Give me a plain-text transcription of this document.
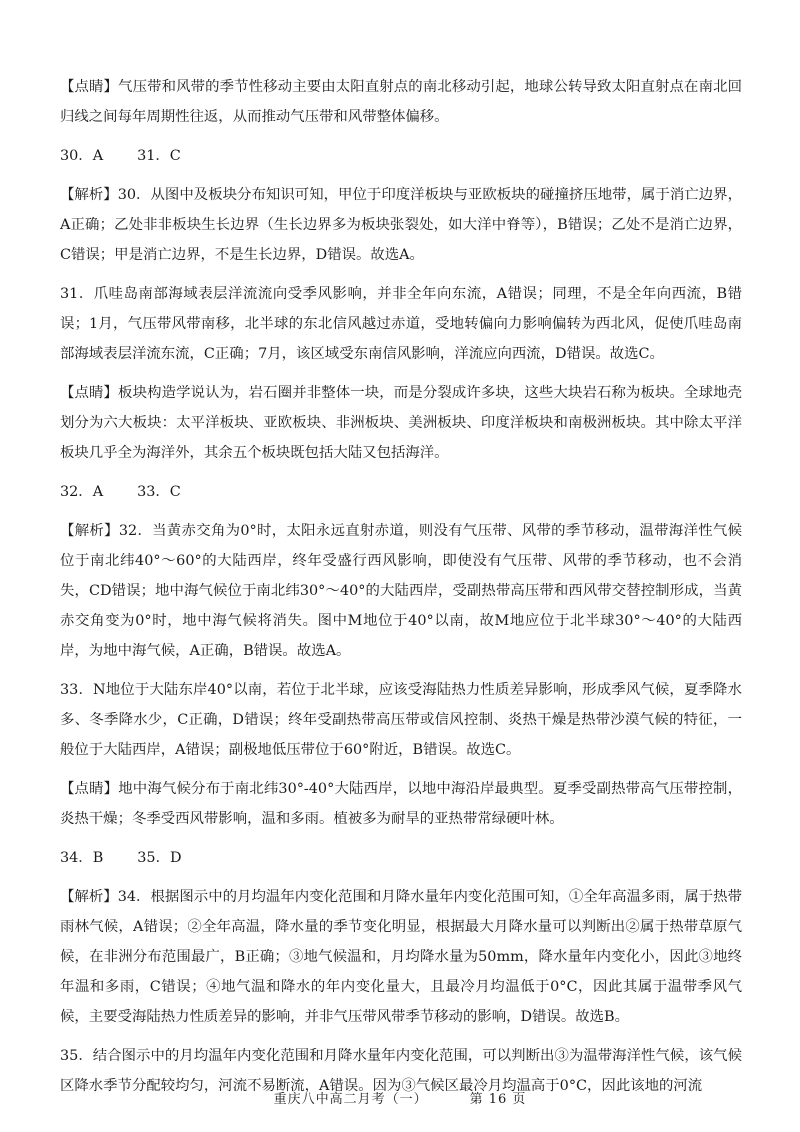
【点睛】气压带和风带的季节性移动主要由太阳直射点的南北移动引起，地球公转导致太阳直射点在南北回归线之间每年周期性往返，从而推动气压带和风带整体偏移。

30．A 31．C

【解析】30．从图中及板块分布知识可知，甲位于印度洋板块与亚欧板块的碰撞挤压地带，属于消亡边界，A正确；乙处非非板块生长边界（生长边界多为板块张裂处，如大洋中脊等），B错误；乙处不是消亡边界，C错误；甲是消亡边界，不是生长边界，D错误。故选A。

31．爪哇岛南部海域表层洋流流向受季风影响，并非全年向东流，A错误；同理，不是全年向西流，B错误；1月，气压带风带南移，北半球的东北信风越过赤道，受地转偏向力影响偏转为西北风，促使爪哇岛南部海域表层洋流东流，C正确；7月，该区域受东南信风影响，洋流应向西流，D错误。故选C。

【点睛】板块构造学说认为，岩石圈并非整体一块，而是分裂成许多块，这些大块岩石称为板块。全球地壳划分为六大板块：太平洋板块、亚欧板块、非洲板块、美洲板块、印度洋板块和南极洲板块。其中除太平洋板块几乎全为海洋外，其余五个板块既包括大陆又包括海洋。

32．A 33．C

【解析】32．当黄赤交角为0°时，太阳永远直射赤道，则没有气压带、风带的季节移动，温带海洋性气候位于南北纬40°～60°的大陆西岸，终年受盛行西风影响，即使没有气压带、风带的季节移动，也不会消失，CD错误；地中海气候位于南北纬30°～40°的大陆西岸，受副热带高压带和西风带交替控制形成，当黄赤交角变为0°时，地中海气候将消失。图中M地位于40°以南，故M地应位于北半球30°～40°的大陆西岸，为地中海气候，A正确，B错误。故选A。

33．N地位于大陆东岸40°以南，若位于北半球，应该受海陆热力性质差异影响，形成季风气候，夏季降水多、冬季降水少，C正确，D错误；终年受副热带高压带或信风控制、炎热干燥是热带沙漠气候的特征，一般位于大陆西岸，A错误；副极地低压带位于60°附近，B错误。故选C。

【点睛】地中海气候分布于南北纬30°-40°大陆西岸，以地中海沿岸最典型。夏季受副热带高气压带控制，炎热干燥；冬季受西风带影响，温和多雨。植被多为耐旱的亚热带常绿硬叶林。

34．B 35．D

【解析】34．根据图示中的月均温年内变化范围和月降水量年内变化范围可知，①全年高温多雨，属于热带雨林气候，A错误；②全年高温，降水量的季节变化明显，根据最大月降水量可以判断出②属于热带草原气候，在非洲分布范围最广，B正确；③地气候温和，月均降水量为50mm，降水量年内变化小，因此③地终年温和多雨，C错误；④地气温和降水的年内变化量大，且最冷月均温低于0°C，因此其属于温带季风气候，主要受海陆热力性质差异的影响，并非气压带风带季节移动的影响，D错误。故选B。

35．结合图示中的月均温年内变化范围和月降水量年内变化范围，可以判断出③为温带海洋性气候，该气候区降水季节分配较均匀，河流不易断流，A错误。因为③气候区最冷月均温高于0°C，因此该地的河流

重庆八中高二月考（一）	第 16 页
